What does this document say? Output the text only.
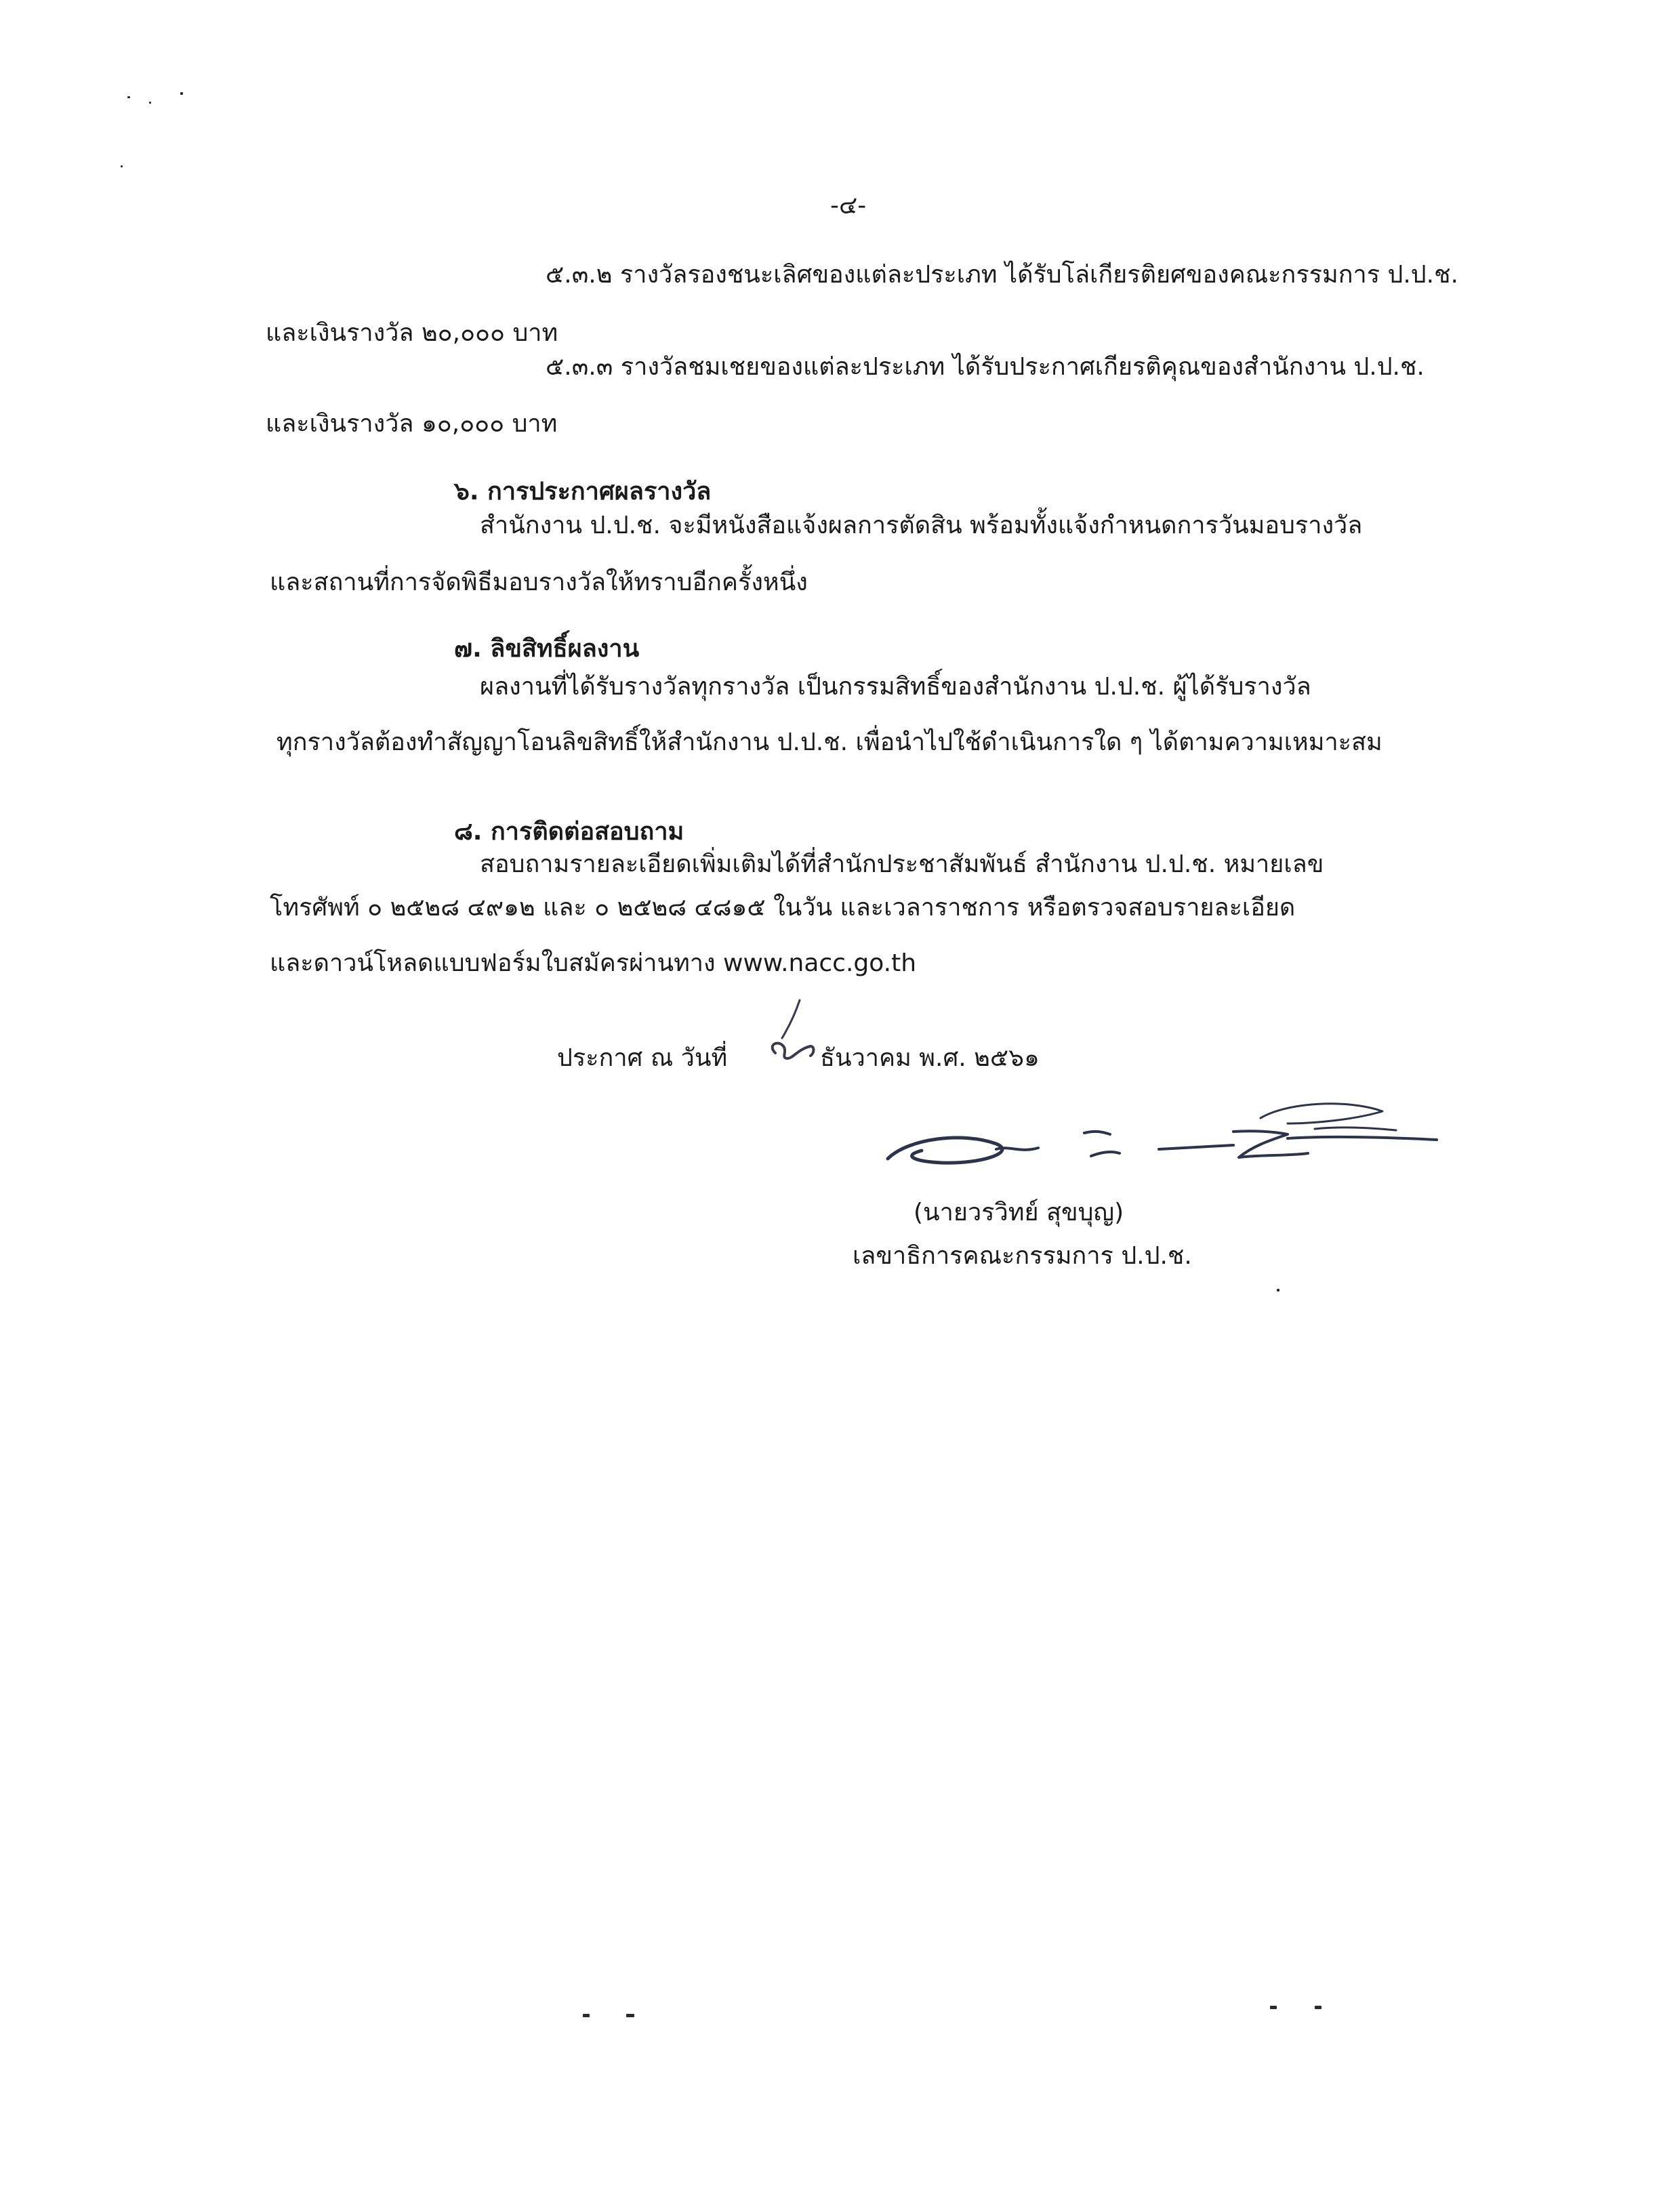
-๔-
๕.๓.๒ รางวัลรองชนะเลิศของแต่ละประเภท ได้รับโล่เกียรติยศของคณะกรรมการ ป.ป.ช.
และเงินรางวัล ๒๐,๐๐๐ บาท
๕.๓.๓ รางวัลชมเชยของแต่ละประเภท ได้รับประกาศเกียรติคุณของสำนักงาน ป.ป.ช.
และเงินรางวัล ๑๐,๐๐๐ บาท
๖. การประกาศผลรางวัล
สำนักงาน ป.ป.ช. จะมีหนังสือแจ้งผลการตัดสิน พร้อมทั้งแจ้งกำหนดการวันมอบรางวัล
และสถานที่การจัดพิธีมอบรางวัลให้ทราบอีกครั้งหนึ่ง
๗. ลิขสิทธิ์ผลงาน
ผลงานที่ได้รับรางวัลทุกรางวัล เป็นกรรมสิทธิ์ของสำนักงาน ป.ป.ช. ผู้ได้รับรางวัล
ทุกรางวัลต้องทำสัญญาโอนลิขสิทธิ์ให้สำนักงาน ป.ป.ช. เพื่อนำไปใช้ดำเนินการใด ๆ ได้ตามความเหมาะสม
๘. การติดต่อสอบถาม
สอบถามรายละเอียดเพิ่มเติมได้ที่สำนักประชาสัมพันธ์ สำนักงาน ป.ป.ช. หมายเลข
โทรศัพท์ ๐ ๒๕๒๘ ๔๙๑๒ และ ๐ ๒๕๒๘ ๔๘๑๕ ในวัน และเวลาราชการ หรือตรวจสอบรายละเอียด
และดาวน์โหลดแบบฟอร์มใบสมัครผ่านทาง www.nacc.go.th
ประกาศ ณ วันที่	ธันวาคม พ.ศ. ๒๕๖๑
(นายวรวิทย์ สุขบุญ)
เลขาธิการคณะกรรมการ ป.ป.ช.
